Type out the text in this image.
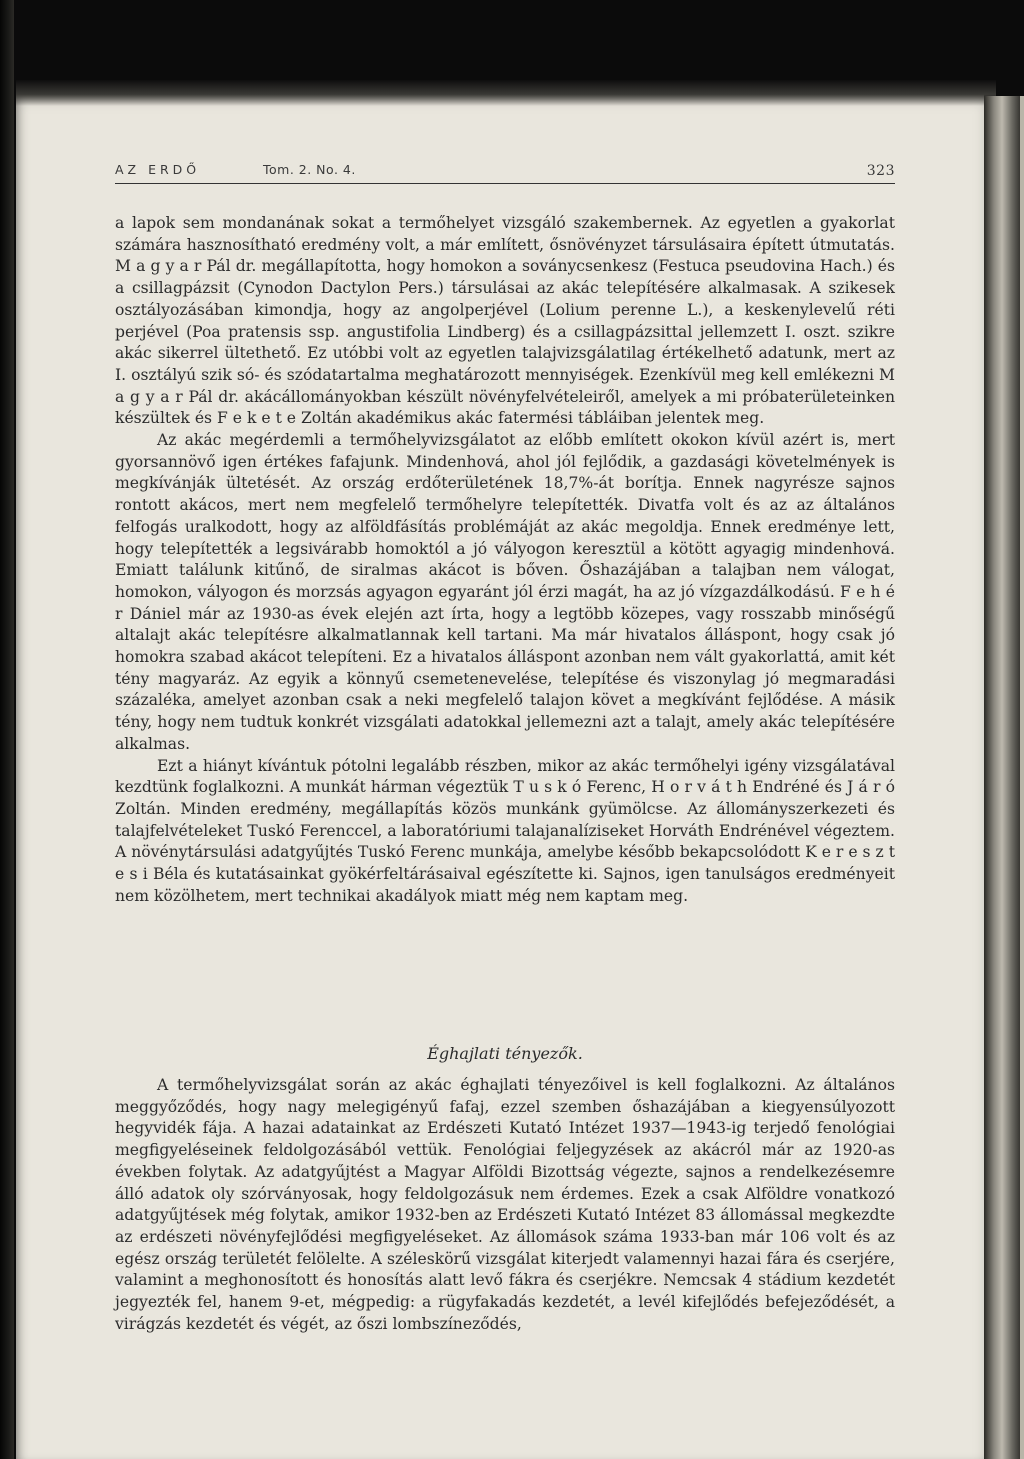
AZ ERDŐ	Tom. 2. No. 4.	323

a lapok sem mondanának sokat a termőhelyet vizsgáló szakembernek. Az egyetlen a gyakorlat számára hasznosítható eredmény volt, a már említett, ősnövényzet társulásaira épített útmutatás. M a g y a r Pál dr. megállapította, hogy homokon a soványcsenkesz (Festuca pseudovina Hach.) és a csillagpázsit (Cynodon Dactylon Pers.) társulásai az akác telepítésére alkalmasak. A szikesek osztályozásában kimondja, hogy az angolperjével (Lolium perenne L.), a keskenylevelű réti perjével (Poa pratensis ssp. angustifolia Lindberg) és a csillagpázsittal jellemzett I. oszt. szikre akác sikerrel ültethető. Ez utóbbi volt az egyetlen talajvizsgálatilag értékelhető adatunk, mert az I. osztályú szik só- és szódatartalma meghatározott mennyiségek. Ezenkívül meg kell emlékezni M a g y a r Pál dr. akácállományokban készült növényfelvételeiről, amelyek a mi próbaterületeinken készültek és F e k e t e Zoltán akadémikus akác fatermési tábláiban jelentek meg.

Az akác megérdemli a termőhelyvizsgálatot az előbb említett okokon kívül azért is, mert gyorsannövő igen értékes fafajunk. Mindenhová, ahol jól fejlődik, a gazdasági követelmények is megkívánják ültetését. Az ország erdőterületének 18,7%-át borítja. Ennek nagyrésze sajnos rontott akácos, mert nem megfelelő termőhelyre telepítették. Divatfa volt és az az általános felfogás uralkodott, hogy az alföldfásítás problémáját az akác megoldja. Ennek eredménye lett, hogy telepítették a legsivárabb homoktól a jó vályogon keresztül a kötött agyagig mindenhová. Emiatt találunk kitűnő, de siralmas akácot is bőven. Őshazájában a talajban nem válogat, homokon, vályogon és morzsás agyagon egyaránt jól érzi magát, ha az jó vízgazdálkodású. F e h é r Dániel már az 1930-as évek elején azt írta, hogy a legtöbb közepes, vagy rosszabb minőségű altalajt akác telepítésre alkalmatlannak kell tartani. Ma már hivatalos álláspont, hogy csak jó homokra szabad akácot telepíteni. Ez a hivatalos álláspont azonban nem vált gyakorlattá, amit két tény magyaráz. Az egyik a könnyű csemetenevelése, telepítése és viszonylag jó megmaradási százaléka, amelyet azonban csak a neki megfelelő talajon követ a megkívánt fejlődése. A másik tény, hogy nem tudtuk konkrét vizsgálati adatokkal jellemezni azt a talajt, amely akác telepítésére alkalmas.

Ezt a hiányt kívántuk pótolni legalább részben, mikor az akác termőhelyi igény vizsgálatával kezdtünk foglalkozni. A munkát hárman végeztük T u s k ó Ferenc, H o r v á t h Endréné és J á r ó Zoltán. Minden eredmény, megállapítás közös munkánk gyümölcse. Az állományszerkezeti és talajfelvételeket Tuskó Ferenccel, a laboratóriumi talajanalíziseket Horváth Endrénével végeztem. A növénytársulási adatgyűjtés Tuskó Ferenc munkája, amelybe később bekapcsolódott K e r e s z t e s i Béla és kutatásainkat gyökérfeltárásaival egészítette ki. Sajnos, igen tanulságos eredményeit nem közölhetem, mert technikai akadályok miatt még nem kaptam meg.

Éghajlati tényezők.

A termőhelyvizsgálat során az akác éghajlati tényezőivel is kell foglalkozni. Az általános meggyőződés, hogy nagy melegigényű fafaj, ezzel szemben őshazájában a kiegyensúlyozott hegyvidék fája. A hazai adatainkat az Erdészeti Kutató Intézet 1937—1943-ig terjedő fenológiai megfigyeléseinek feldolgozásából vettük. Fenológiai feljegyzések az akácról már az 1920-as években folytak. Az adatgyűjtést a Magyar Alföldi Bizottság végezte, sajnos a rendelkezésemre álló adatok oly szórványosak, hogy feldolgozásuk nem érdemes. Ezek a csak Alföldre vonatkozó adatgyűjtések még folytak, amikor 1932-ben az Erdészeti Kutató Intézet 83 állomással megkezdte az erdészeti növényfejlődési megfigyeléseket. Az állomások száma 1933-ban már 106 volt és az egész ország területét felölelte. A széleskörű vizsgálat kiterjedt valamennyi hazai fára és cserjére, valamint a meghonosított és honosítás alatt levő fákra és cserjékre. Nemcsak 4 stádium kezdetét jegyezték fel, hanem 9-et, mégpedig: a rügyfakadás kezdetét, a levél kifejlődés befejeződését, a virágzás kezdetét és végét, az őszi lombszíneződés,
